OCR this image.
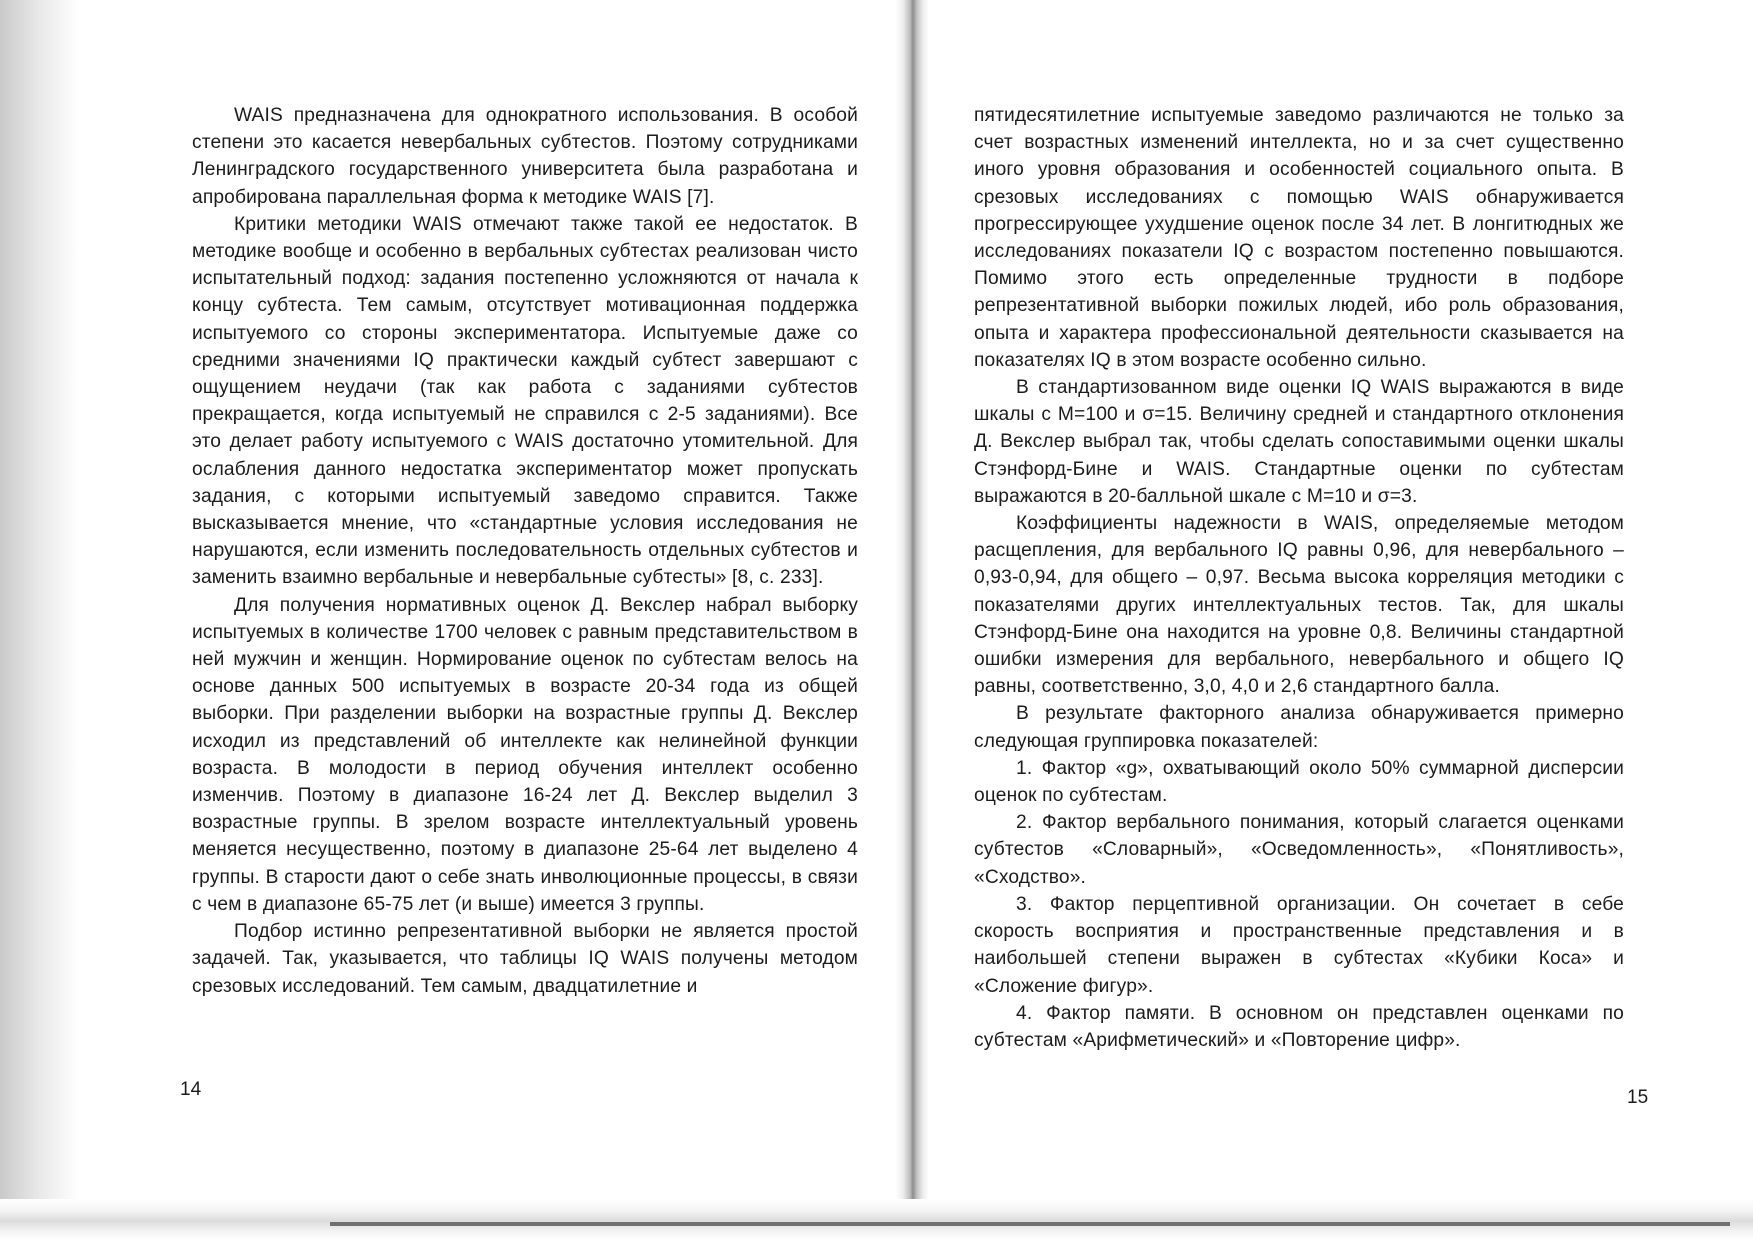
WAIS предназначена для однократного использования. В особой степени это касается невербальных субтестов. Поэтому сотрудниками Ленинградского государственного университета была разработана и апробирована параллельная форма к методике WAIS [7].

Критики методики WAIS отмечают также такой ее недостаток. В методике вообще и особенно в вербальных субтестах реализован чисто испытательный подход: задания постепенно усложняются от начала к концу субтеста. Тем самым, отсутствует мотивационная поддержка испытуемого со стороны экспериментатора. Испытуемые даже со средними значениями IQ практически каждый субтест завершают с ощущением неудачи (так как работа с заданиями субтестов прекращается, когда испытуемый не справился с 2-5 заданиями). Все это делает работу испытуемого с WAIS достаточно утомительной. Для ослабления данного недостатка экспериментатор может пропускать задания, с которыми испытуемый заведомо справится. Также высказывается мнение, что «стандартные условия исследования не нарушаются, если изменить последовательность отдельных субтестов и заменить взаимно вербальные и невербальные субтесты» [8, с. 233].

Для получения нормативных оценок Д. Векслер набрал выборку испытуемых в количестве 1700 человек с равным представительством в ней мужчин и женщин. Нормирование оценок по субтестам велось на основе данных 500 испытуемых в возрасте 20-34 года из общей выборки. При разделении выборки на возрастные группы Д. Векслер исходил из представлений об интеллекте как нелинейной функции возраста. В молодости в период обучения интеллект особенно изменчив. Поэтому в диапазоне 16-24 лет Д. Векслер выделил 3 возрастные группы. В зрелом возрасте интеллектуальный уровень меняется несущественно, поэтому в диапазоне 25-64 лет выделено 4 группы. В старости дают о себе знать инволюционные процессы, в связи с чем в диапазоне 65-75 лет (и выше) имеется 3 группы.

Подбор истинно репрезентативной выборки не является простой задачей. Так, указывается, что таблицы IQ WAIS получены методом срезовых исследований. Тем самым, двадцатилетние и

14

пятидесятилетние испытуемые заведомо различаются не только за счет возрастных изменений интеллекта, но и за счет существенно иного уровня образования и особенностей социального опыта. В срезовых исследованиях с помощью WAIS обнаруживается прогрессирующее ухудшение оценок после 34 лет. В лонгитюдных же исследованиях показатели IQ с возрастом постепенно повышаются. Помимо этого есть определенные трудности в подборе репрезентативной выборки пожилых людей, ибо роль образования, опыта и характера профессиональной деятельности сказывается на показателях IQ в этом возрасте особенно сильно.

В стандартизованном виде оценки IQ WAIS выражаются в виде шкалы с М=100 и σ=15. Величину средней и стандартного отклонения Д. Векслер выбрал так, чтобы сделать сопоставимыми оценки шкалы Стэнфорд-Бине и WAIS. Стандартные оценки по субтестам выражаются в 20-балльной шкале с М=10 и σ=3.

Коэффициенты надежности в WAIS, определяемые методом расщепления, для вербального IQ равны 0,96, для невербального – 0,93-0,94, для общего – 0,97. Весьма высока корреляция методики с показателями других интеллектуальных тестов. Так, для шкалы Стэнфорд-Бине она находится на уровне 0,8. Величины стандартной ошибки измерения для вербального, невербального и общего IQ равны, соответственно, 3,0, 4,0 и 2,6 стандартного балла.

В результате факторного анализа обнаруживается примерно следующая группировка показателей:

1. Фактор «g», охватывающий около 50% суммарной дисперсии оценок по субтестам.

2. Фактор вербального понимания, который слагается оценками субтестов «Словарный», «Осведомленность», «Понятливость», «Сходство».

3. Фактор перцептивной организации. Он сочетает в себе скорость восприятия и пространственные представления и в наибольшей степени выражен в субтестах «Кубики Коса» и «Сложение фигур».

4. Фактор памяти. В основном он представлен оценками по субтестам «Арифметический» и «Повторение цифр».

15
